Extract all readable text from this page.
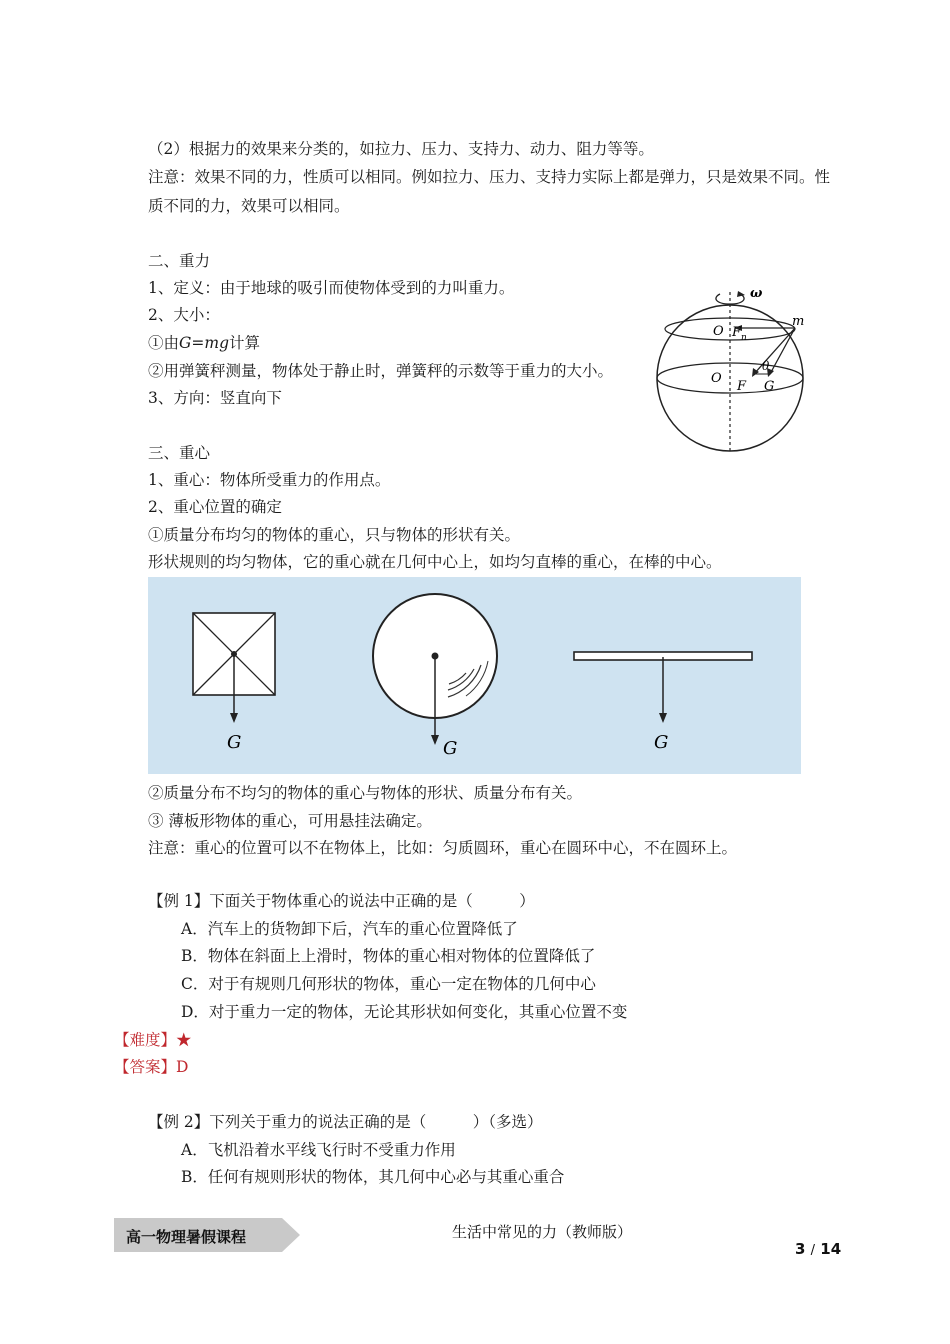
（2）根据力的效果来分类的，如拉力、压力、支持力、动力、阻力等等。
注意：效果不同的力，性质可以相同。例如拉力、压力、支持力实际上都是弹力，只是效果不同。性
质不同的力，效果可以相同。
二、重力
1、定义：由于地球的吸引而使物体受到的力叫重力。
2、大小：
①由G=mg计算
②用弹簧秤测量，物体处于静止时，弹簧秤的示数等于重力的大小。
3、方向：竖直向下
ω
O F n
m
θ
O
F G
三、重心
1、重心：物体所受重力的作用点。
2、重心位置的确定
①质量分布均匀的物体的重心，只与物体的形状有关。
形状规则的均匀物体，它的重心就在几何中心上，如均匀直棒的重心，在棒的中心。
G	G	G
②质量分布不均匀的物体的重心与物体的形状、质量分布有关。
③ 薄板形物体的重心，可用悬挂法确定。
注意：重心的位置可以不在物体上，比如：匀质圆环，重心在圆环中心，不在圆环上。
【例 1】下面关于物体重心的说法中正确的是（　　　）
A．汽车上的货物卸下后，汽车的重心位置降低了
B．物体在斜面上上滑时，物体的重心相对物体的位置降低了
C．对于有规则几何形状的物体，重心一定在物体的几何中心
D．对于重力一定的物体，无论其形状如何变化，其重心位置不变
【难度】★
【答案】D
【例 2】下列关于重力的说法正确的是（　　　）（多选）
A．飞机沿着水平线飞行时不受重力作用
B．任何有规则形状的物体，其几何中心必与其重心重合
高一物理暑假课程	生活中常见的力（教师版）
3 / 14
